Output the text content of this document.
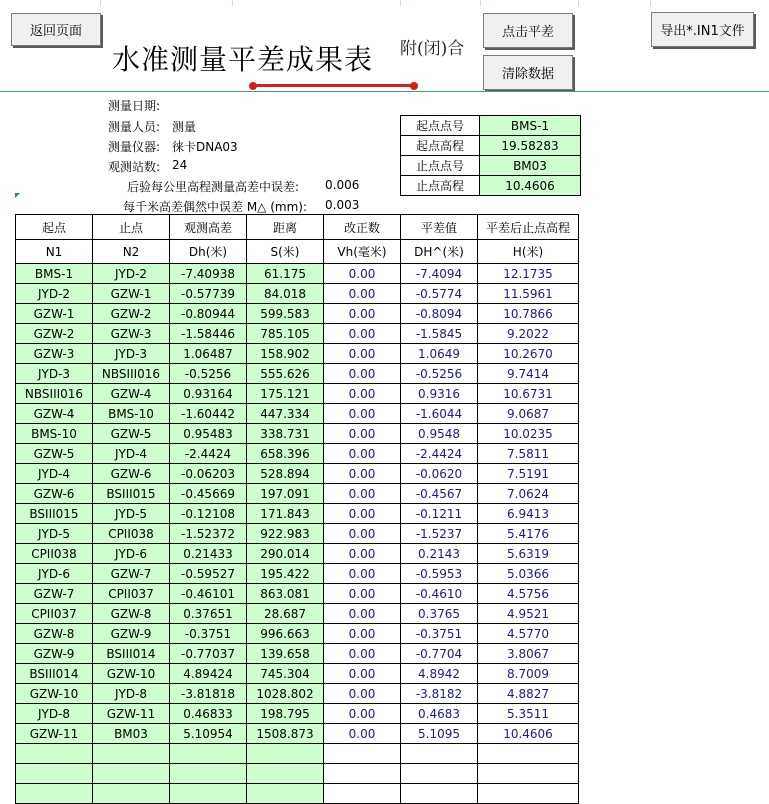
返回页面	点击平差
清除数据
导出*.IN1文件
水准测量平差成果表 附(闭)合
测量日期:
测量人员: 测量
测量仪器: 徕卡DNA03
观测站数: 24
后验每公里高程测量高差中误差: 0.006
每千米高差偶然中误差 M△ (mm): 0.003
起点点号	BMS-1
起点高程	19.58283
止点点号	BM03
止点高程	10.4606
起点	止点	观测高差	距离	改正数	平差值	平差后止点高程
N1	N2	Dh(米)	S(米)	Vh(毫米)	DH^(米)	H(米)
BMS-1	JYD-2	-7.40938	61.175	0.00	-7.4094	12.1735
JYD-2	GZW-1	-0.57739	84.018	0.00	-0.5774	11.5961
GZW-1	GZW-2	-0.80944	599.583	0.00	-0.8094	10.7866
GZW-2	GZW-3	-1.58446	785.105	0.00	-1.5845	9.2022
GZW-3	JYD-3	1.06487	158.902	0.00	1.0649	10.2670
JYD-3	NBSIII016	-0.5256	555.626	0.00	-0.5256	9.7414
NBSIII016	GZW-4	0.93164	175.121	0.00	0.9316	10.6731
GZW-4	BMS-10	-1.60442	447.334	0.00	-1.6044	9.0687
BMS-10	GZW-5	0.95483	338.731	0.00	0.9548	10.0235
GZW-5	JYD-4	-2.4424	658.396	0.00	-2.4424	7.5811
JYD-4	GZW-6	-0.06203	528.894	0.00	-0.0620	7.5191
GZW-6	BSIII015	-0.45669	197.091	0.00	-0.4567	7.0624
BSIII015	JYD-5	-0.12108	171.843	0.00	-0.1211	6.9413
JYD-5	CPII038	-1.52372	922.983	0.00	-1.5237	5.4176
CPII038	JYD-6	0.21433	290.014	0.00	0.2143	5.6319
JYD-6	GZW-7	-0.59527	195.422	0.00	-0.5953	5.0366
GZW-7	CPII037	-0.46101	863.081	0.00	-0.4610	4.5756
CPII037	GZW-8	0.37651	28.687	0.00	0.3765	4.9521
GZW-8	GZW-9	-0.3751	996.663	0.00	-0.3751	4.5770
GZW-9	BSIII014	-0.77037	139.658	0.00	-0.7704	3.8067
BSIII014	GZW-10	4.89424	745.304	0.00	4.8942	8.7009
GZW-10	JYD-8	-3.81818	1028.802	0.00	-3.8182	4.8827
JYD-8	GZW-11	0.46833	198.795	0.00	0.4683	5.3511
GZW-11	BM03	5.10954	1508.873	0.00	5.1095	10.4606
